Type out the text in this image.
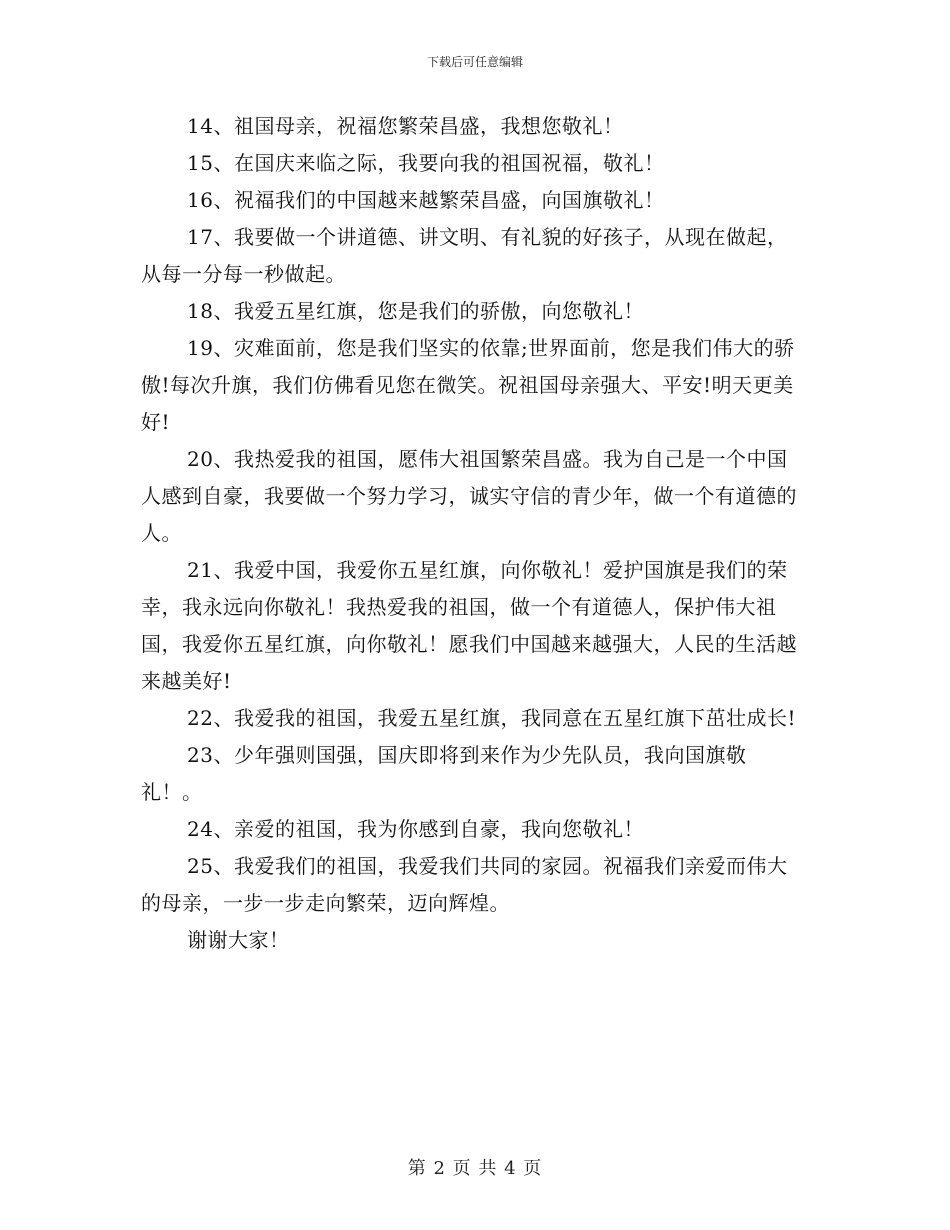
下载后可任意编辑

14、祖国母亲，祝福您繁荣昌盛，我想您敬礼！

15、在国庆来临之际，我要向我的祖国祝福，敬礼！

16、祝福我们的中国越来越繁荣昌盛，向国旗敬礼！

17、我要做一个讲道德、讲文明、有礼貌的好孩子，从现在做起，从每一分每一秒做起。

18、我爱五星红旗，您是我们的骄傲，向您敬礼！

19、灾难面前，您是我们坚实的依靠;世界面前，您是我们伟大的骄傲!每次升旗，我们仿佛看见您在微笑。祝祖国母亲强大、平安!明天更美好!

20、我热爱我的祖国，愿伟大祖国繁荣昌盛。我为自己是一个中国人感到自豪，我要做一个努力学习，诚实守信的青少年，做一个有道德的人。

21、我爱中国，我爱你五星红旗，向你敬礼！爱护国旗是我们的荣幸，我永远向你敬礼！我热爱我的祖国，做一个有道德人，保护伟大祖国，我爱你五星红旗，向你敬礼！愿我们中国越来越强大，人民的生活越来越美好!

22、我爱我的祖国，我爱五星红旗，我同意在五星红旗下茁壮成长!

23、少年强则国强，国庆即将到来作为少先队员，我向国旗敬礼！。

24、亲爱的祖国，我为你感到自豪，我向您敬礼！

25、我爱我们的祖国，我爱我们共同的家园。祝福我们亲爱而伟大的母亲，一步一步走向繁荣，迈向辉煌。

谢谢大家！

第 2 页 共 4 页
